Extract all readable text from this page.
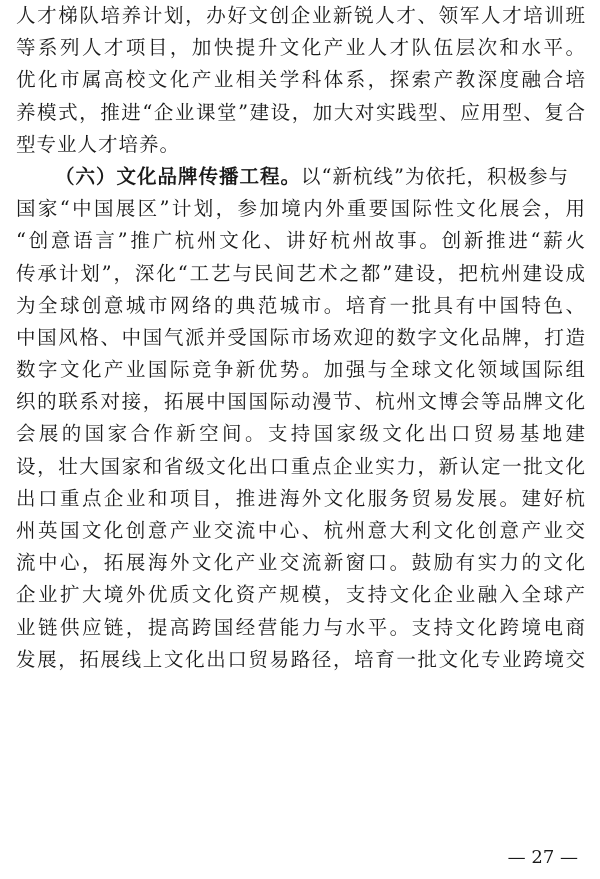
人才梯队培养计划，办好文创企业新锐人才、领军人才培训班
等系列人才项目，加快提升文化产业人才队伍层次和水平。
优化市属高校文化产业相关学科体系，探索产教深度融合培
养模式，推进“企业课堂”建设，加大对实践型、应用型、复合
型专业人才培养。
（六）文化品牌传播工程。以“新杭线”为依托，积极参与
国家“中国展区”计划，参加境内外重要国际性文化展会，用
“创意语言”推广杭州文化、讲好杭州故事。创新推进“薪火
传承计划”，深化“工艺与民间艺术之都”建设，把杭州建设成
为全球创意城市网络的典范城市。培育一批具有中国特色、
中国风格、中国气派并受国际市场欢迎的数字文化品牌，打造
数字文化产业国际竞争新优势。加强与全球文化领域国际组
织的联系对接，拓展中国国际动漫节、杭州文博会等品牌文化
会展的国家合作新空间。支持国家级文化出口贸易基地建
设，壮大国家和省级文化出口重点企业实力，新认定一批文化
出口重点企业和项目，推进海外文化服务贸易发展。建好杭
州英国文化创意产业交流中心、杭州意大利文化创意产业交
流中心，拓展海外文化产业交流新窗口。鼓励有实力的文化
企业扩大境外优质文化资产规模，支持文化企业融入全球产
业链供应链，提高跨国经营能力与水平。支持文化跨境电商
发展，拓展线上文化出口贸易路径，培育一批文化专业跨境交
— 27 —
